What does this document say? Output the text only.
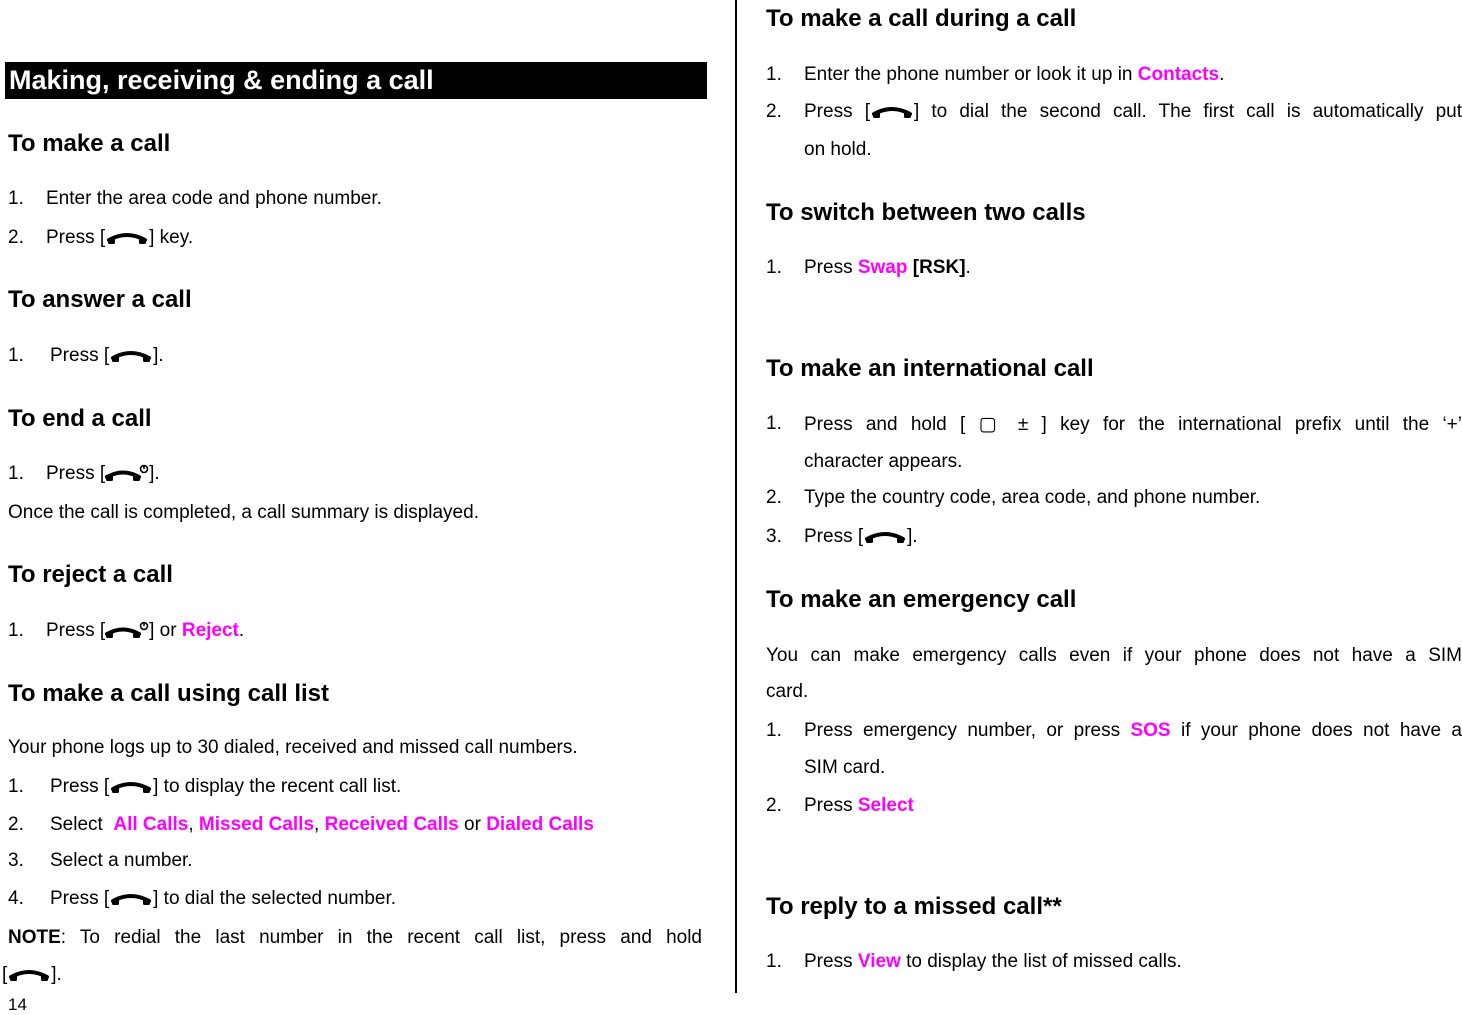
Making, receiving & ending a call
To make a call
1. Enter the area code and phone number.
2. Press [ ] key.
To answer a call
1. Press [ ].
To end a call
1. Press [ ].
Once the call is completed, a call summary is displayed.
To reject a call
1. Press [ ] or Reject.
To make a call using call list
Your phone logs up to 30 dialed, received and missed call numbers.
1. Press [ ] to display the recent call list.
2. Select  All Calls, Missed Calls, Received Calls or Dialed Calls
3. Select a number.
4. Press [ ] to dial the selected number.
NOTE: To redial the last number in the recent call list, press and hold
[ ].
14
To make a call during a call
1. Enter the phone number or look it up in Contacts.
2. Press [ ] to dial the second call. The first call is automatically put
on hold.
To switch between two calls
1. Press Swap [RSK].
To make an international call
1. Press and hold [ ▢ ± ] key for the international prefix until the ‘+’
character appears.
2. Type the country code, area code, and phone number.
3. Press [ ].
To make an emergency call
You can make emergency calls even if your phone does not have a SIM
card.
1. Press emergency number, or press SOS if your phone does not have a
SIM card.
2. Press Select
To reply to a missed call**
1. Press View to display the list of missed calls.
